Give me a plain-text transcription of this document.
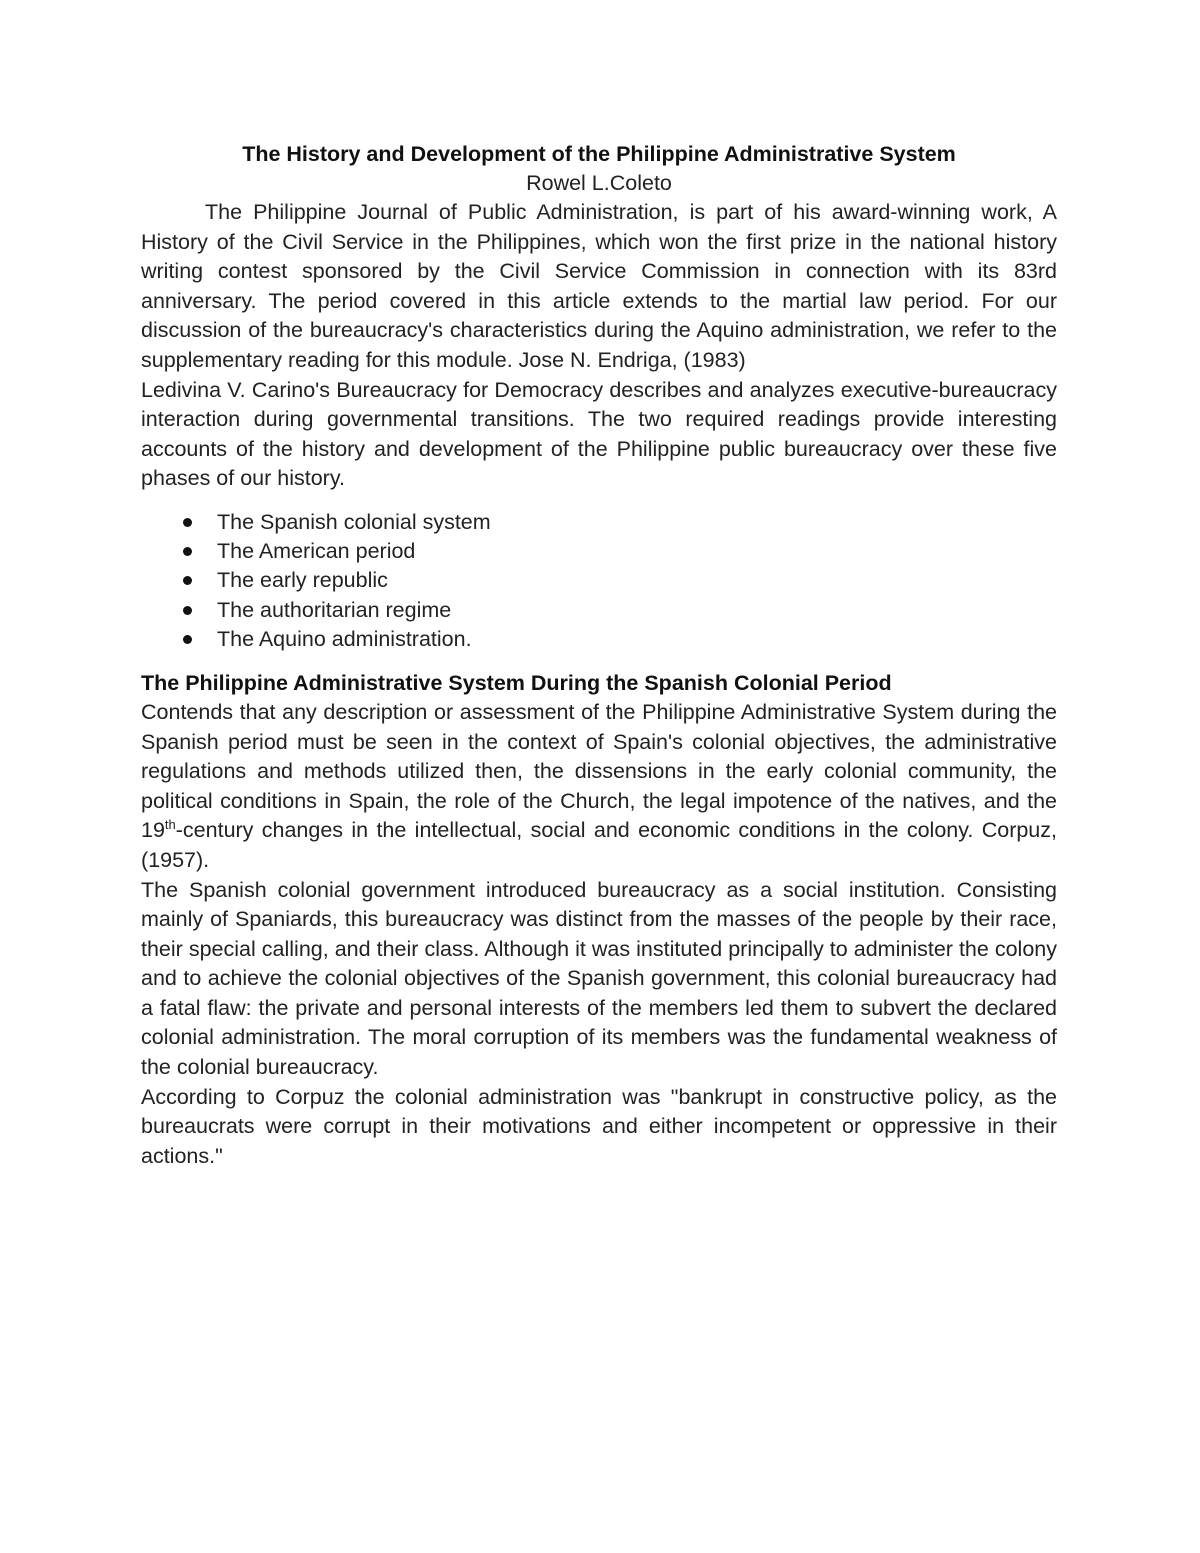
The History and Development of the Philippine Administrative System
Rowel L.Coleto

The Philippine Journal of Public Administration, is part of his award-winning work, A History of the Civil Service in the Philippines, which won the first prize in the national history writing contest sponsored by the Civil Service Commission in connection with its 83rd anniversary. The period covered in this article extends to the martial law period. For our discussion of the bureaucracy's characteristics during the Aquino administration, we refer to the supplementary reading for this module. Jose N. Endriga, (1983)

Ledivina V. Carino's Bureaucracy for Democracy describes and analyzes executive-bureaucracy interaction during governmental transitions. The two required readings provide interesting accounts of the history and development of the Philippine public bureaucracy over these five phases of our history.

The Spanish colonial system
The American period
The early republic
The authoritarian regime
The Aquino administration.
The Philippine Administrative System During the Spanish Colonial Period

Contends that any description or assessment of the Philippine Administrative System during the Spanish period must be seen in the context of Spain's colonial objectives, the administrative regulations and methods utilized then, the dissensions in the early colonial community, the political conditions in Spain, the role of the Church, the legal impotence of the natives, and the 19th-century changes in the intellectual, social and economic conditions in the colony. Corpuz, (1957).

The Spanish colonial government introduced bureaucracy as a social institution. Consisting mainly of Spaniards, this bureaucracy was distinct from the masses of the people by their race, their special calling, and their class. Although it was instituted principally to administer the colony and to achieve the colonial objectives of the Spanish government, this colonial bureaucracy had a fatal flaw: the private and personal interests of the members led them to subvert the declared colonial administration. The moral corruption of its members was the fundamental weakness of the colonial bureaucracy.

According to Corpuz the colonial administration was "bankrupt in constructive policy, as the bureaucrats were corrupt in their motivations and either incompetent or oppressive in their actions."
